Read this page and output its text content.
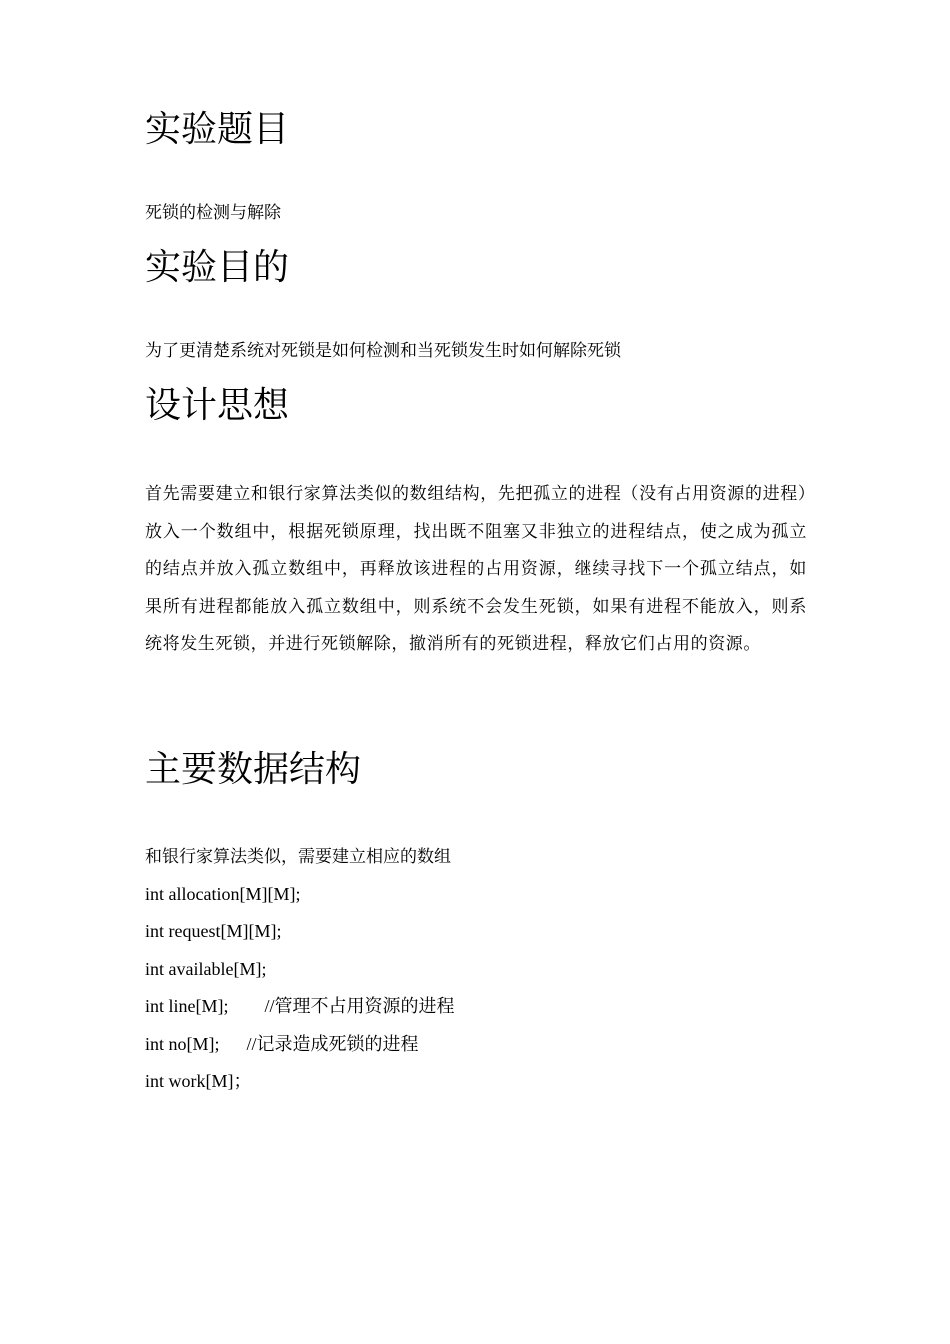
实验题目

死锁的检测与解除

实验目的

为了更清楚系统对死锁是如何检测和当死锁发生时如何解除死锁

设计思想

首先需要建立和银行家算法类似的数组结构，先把孤立的进程（没有占用资源的进程）放入一个数组中，根据死锁原理，找出既不阻塞又非独立的进程结点，使之成为孤立的结点并放入孤立数组中，再释放该进程的占用资源，继续寻找下一个孤立结点，如果所有进程都能放入孤立数组中，则系统不会发生死锁，如果有进程不能放入，则系统将发生死锁，并进行死锁解除，撤消所有的死锁进程，释放它们占用的资源。

主要数据结构

和银行家算法类似，需要建立相应的数组

int allocation[M][M];

int request[M][M];

int available[M];

int line[M];        //管理不占用资源的进程

int no[M];      //记录造成死锁的进程

int work[M]；
